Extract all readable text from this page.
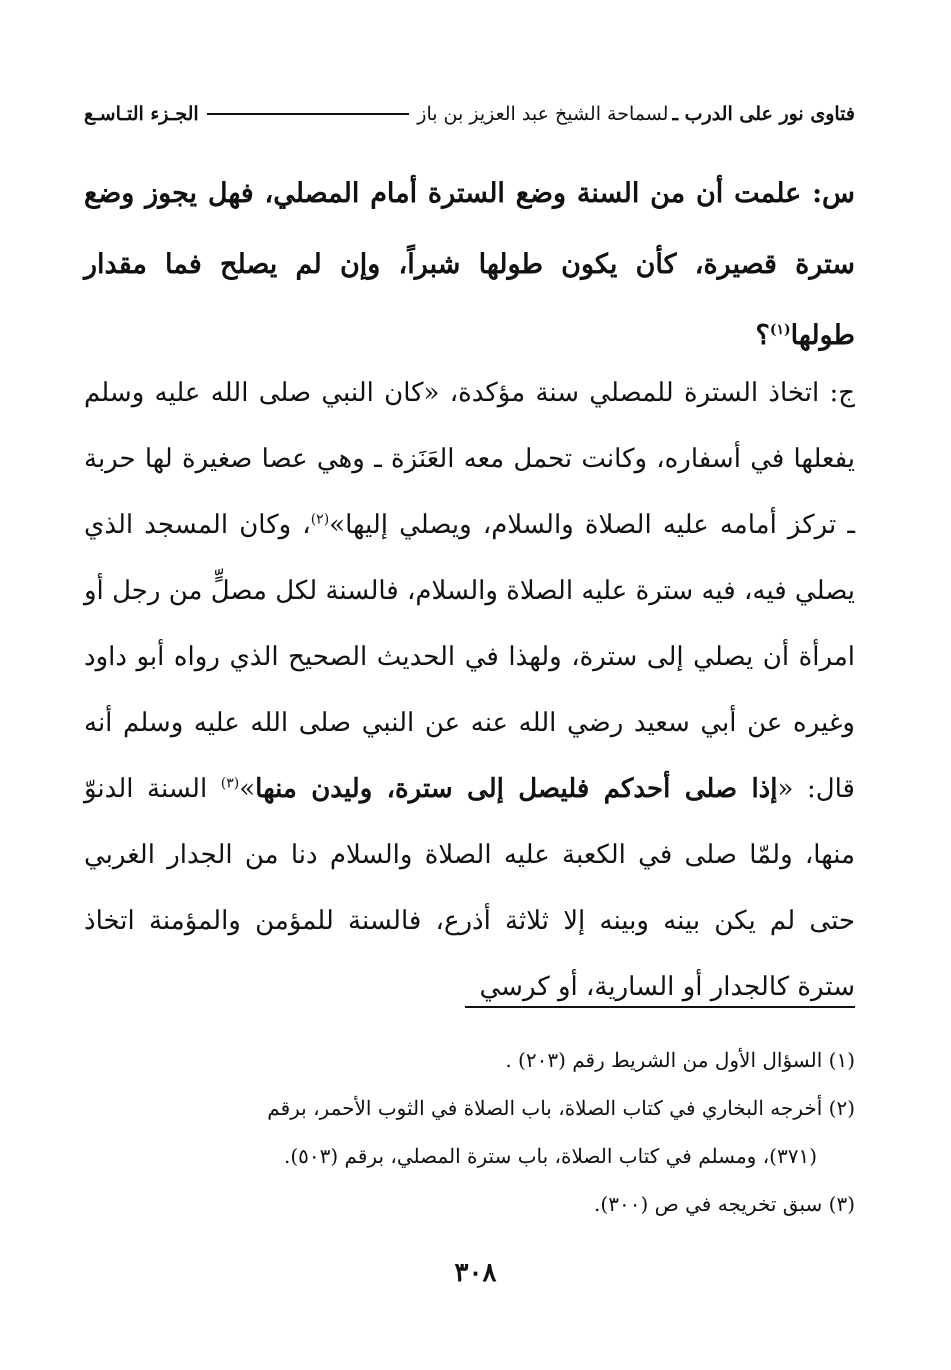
فتاوى نور على الدرب ـ
لسماحة الشيخ عبد العزيز بن باز
الجـزء التـاسـع
س: علمت أن من السنة وضع السترة أمام المصلي، فهل يجوز وضع سترة قصيرة، كأن يكون طولها شبراً، وإن لم يصلح فما مقدار طولها$^{(١)}$؟
ج: اتخاذ السترة للمصلي سنة مؤكدة، «كان النبي صلى الله عليه وسلم يفعلها في أسفاره، وكانت تحمل معه العَنَزة ـ وهي عصا صغيرة لها حربة ـ تركز أمامه عليه الصلاة والسلام، ويصلي إليها»$^{(٢)}$، وكان المسجد الذي يصلي فيه، فيه سترة عليه الصلاة والسلام، فالسنة لكل مصلٍّ من رجل أو امرأة أن يصلي إلى سترة، ولهذا في الحديث الصحيح الذي رواه أبو داود وغيره عن أبي سعيد رضي الله عنه عن النبي صلى الله عليه وسلم أنه قال: «إذا صلى أحدكم فليصل إلى سترة، وليدن منها»$^{(٣)}$ السنة الدنوّ منها، ولمّا صلى في الكعبة عليه الصلاة والسلام دنا من الجدار الغربي حتى لم يكن بينه وبينه إلا ثلاثة أذرع، فالسنة للمؤمن والمؤمنة اتخاذ سترة كالجدار أو السارية، أو كرسي
(١) السؤال الأول من الشريط رقم (٢٠٣) .
(٢) أخرجه البخاري في كتاب الصلاة، باب الصلاة في الثوب الأحمر، برقم
(٣٧١)، ومسلم في كتاب الصلاة، باب سترة المصلي، برقم (٥٠٣).
(٣) سبق تخريجه في ص (٣٠٠).
٣٠٨
